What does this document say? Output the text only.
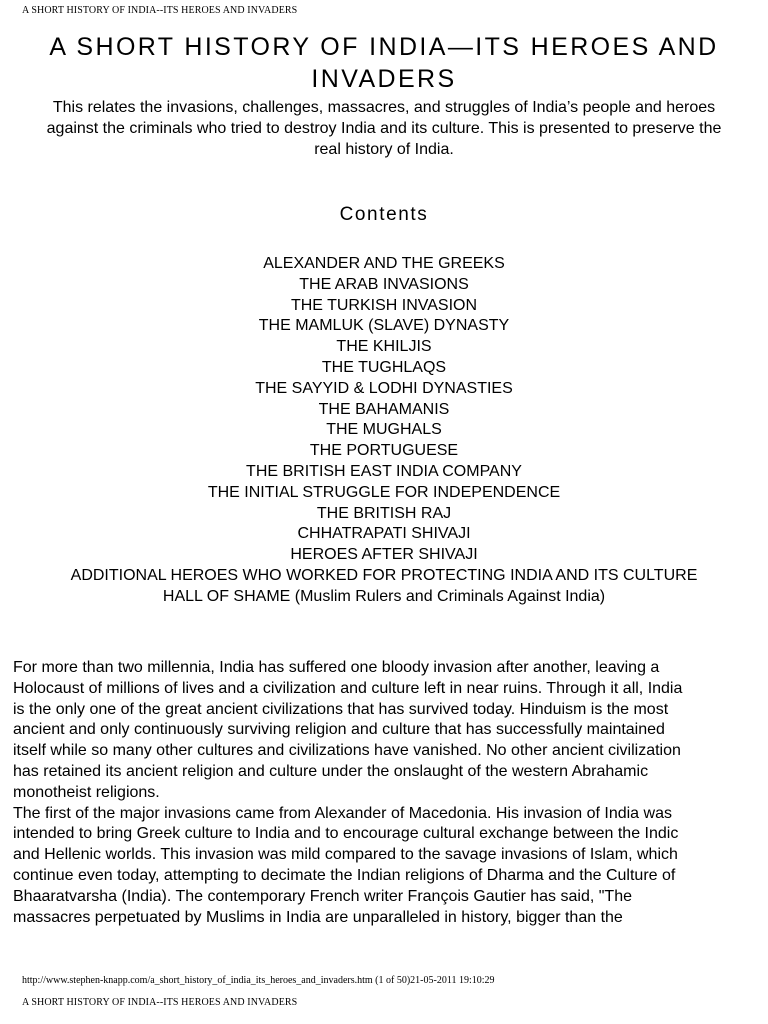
A SHORT HISTORY OF INDIA--ITS HEROES AND INVADERS
A SHORT HISTORY OF INDIA—ITS HEROES AND
INVADERS

This relates the invasions, challenges, massacres, and struggles of India’s people and heroes
against the criminals who tried to destroy India and its culture. This is presented to preserve the
real history of India.

Contents
ALEXANDER AND THE GREEKS
THE ARAB INVASIONS
THE TURKISH INVASION
THE MAMLUK (SLAVE) DYNASTY
THE KHILJIS
THE TUGHLAQS
THE SAYYID & LODHI DYNASTIES
THE BAHAMANIS
THE MUGHALS
THE PORTUGUESE
THE BRITISH EAST INDIA COMPANY
THE INITIAL STRUGGLE FOR INDEPENDENCE
THE BRITISH RAJ
CHHATRAPATI SHIVAJI
HEROES AFTER SHIVAJI
ADDITIONAL HEROES WHO WORKED FOR PROTECTING INDIA AND ITS CULTURE
HALL OF SHAME (Muslim Rulers and Criminals Against India)

For more than two millennia, India has suffered one bloody invasion after another, leaving a
Holocaust of millions of lives and a civilization and culture left in near ruins. Through it all, India
is the only one of the great ancient civilizations that has survived today. Hinduism is the most
ancient and only continuously surviving religion and culture that has successfully maintained
itself while so many other cultures and civilizations have vanished. No other ancient civilization
has retained its ancient religion and culture under the onslaught of the western Abrahamic
monotheist religions.

The first of the major invasions came from Alexander of Macedonia. His invasion of India was
intended to bring Greek culture to India and to encourage cultural exchange between the Indic
and Hellenic worlds. This invasion was mild compared to the savage invasions of Islam, which
continue even today, attempting to decimate the Indian religions of Dharma and the Culture of
Bhaaratvarsha (India). The contemporary French writer François Gautier has said, "The
massacres perpetuated by Muslims in India are unparalleled in history, bigger than the

http://www.stephen-knapp.com/a_short_history_of_india_its_heroes_and_invaders.htm (1 of 50)21-05-2011 19:10:29
A SHORT HISTORY OF INDIA--ITS HEROES AND INVADERS
